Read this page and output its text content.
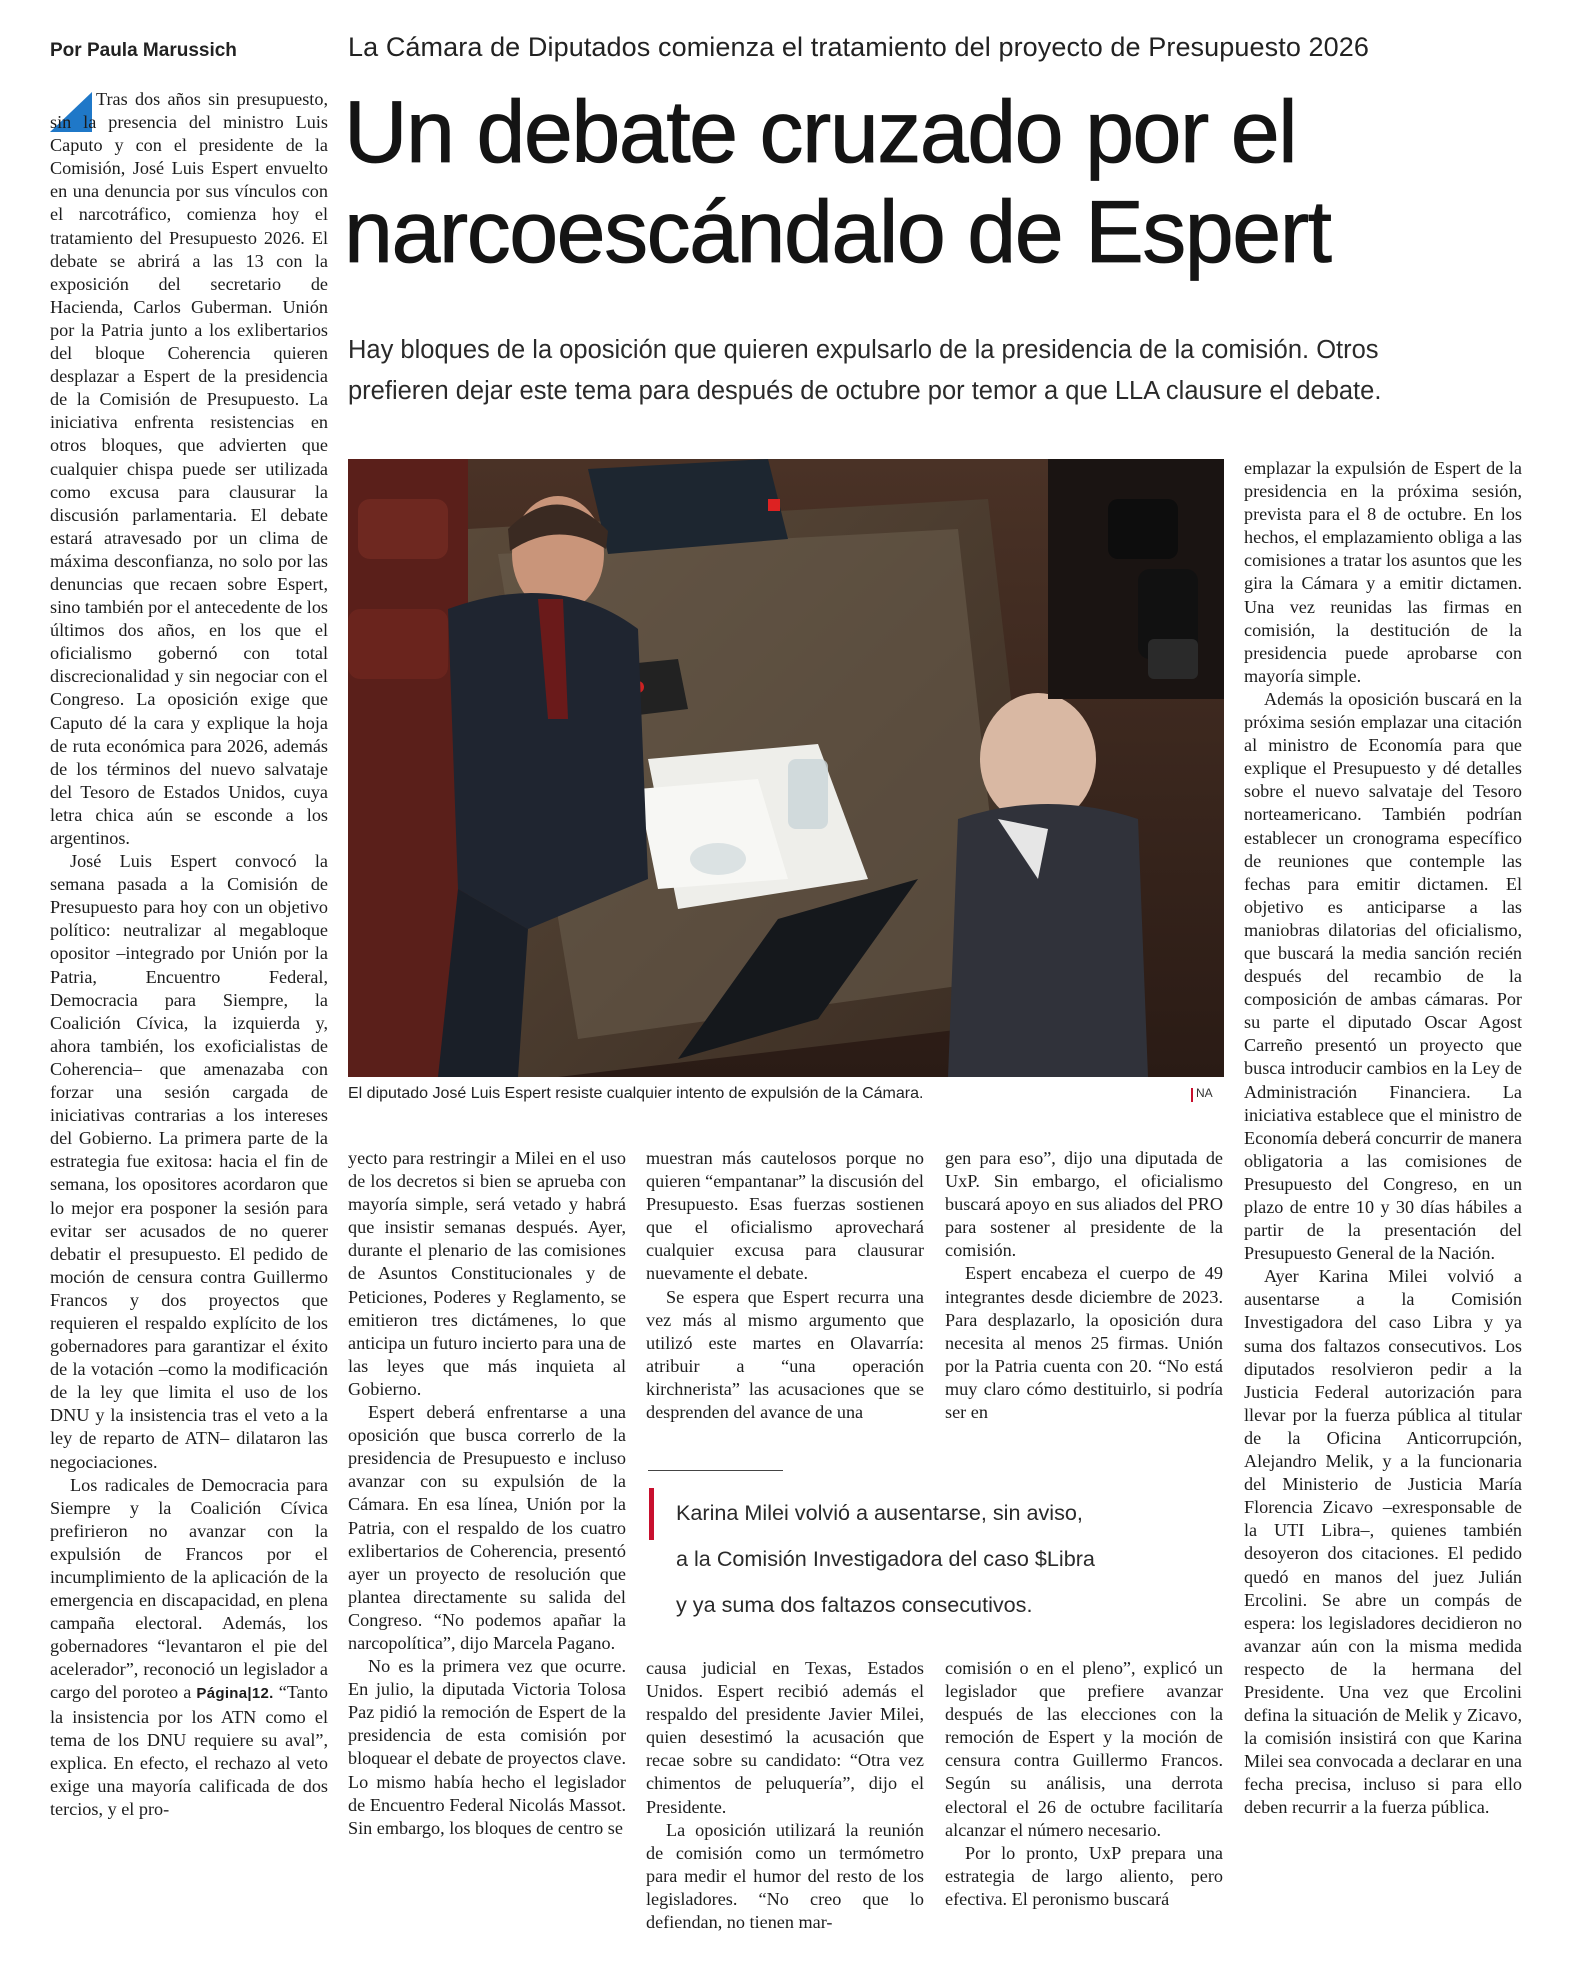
Por Paula Marussich	La Cámara de Diputados comienza el tratamiento del proyecto de Presupuesto 2026
Un debate cruzado por el
narcoescándalo de Espert

Hay bloques de la oposición que quieren expulsarlo de la presidencia de la comisión. Otros prefieren dejar este tema para después de octubre por temor a que LLA clausure el debate.

Tras dos años sin presupuesto, sin la presencia del ministro Luis Caputo y con el presidente de la Comisión, José Luis Espert envuelto en una denuncia por sus vínculos con el narcotráfico, comienza hoy el tratamiento del Presupuesto 2026. El debate se abrirá a las 13 con la exposición del secretario de Hacienda, Carlos Guberman. Unión por la Patria junto a los exlibertarios del bloque Coherencia quieren desplazar a Espert de la presidencia de la Comisión de Presupuesto. La iniciativa enfrenta resistencias en otros bloques, que advierten que cualquier chispa puede ser utilizada como excusa para clausurar la discusión parlamentaria. El debate estará atravesado por un clima de máxima desconfianza, no solo por las denuncias que recaen sobre Espert, sino también por el antecedente de los últimos dos años, en los que el oficialismo gobernó con total discrecionalidad y sin negociar con el Congreso. La oposición exige que Caputo dé la cara y explique la hoja de ruta económica para 2026, además de los términos del nuevo salvataje del Tesoro de Estados Unidos, cuya letra chica aún se esconde a los argentinos.

José Luis Espert convocó la semana pasada a la Comisión de Presupuesto para hoy con un objetivo político: neutralizar al megabloque opositor –integrado por Unión por la Patria, Encuentro Federal, Democracia para Siempre, la Coalición Cívica, la izquierda y, ahora también, los exoficialistas de Coherencia– que amenazaba con forzar una sesión cargada de iniciativas contrarias a los intereses del Gobierno. La primera parte de la estrategia fue exitosa: hacia el fin de semana, los opositores acordaron que lo mejor era posponer la sesión para evitar ser acusados de no querer debatir el presupuesto. El pedido de moción de censura contra Guillermo Francos y dos proyectos que requieren el respaldo explícito de los gobernadores para garantizar el éxito de la votación –como la modificación de la ley que limita el uso de los DNU y la insistencia tras el veto a la ley de reparto de ATN– dilataron las negociaciones.

Los radicales de Democracia para Siempre y la Coalición Cívica prefirieron no avanzar con la expulsión de Francos por el incumplimiento de la aplicación de la emergencia en discapacidad, en plena campaña electoral. Además, los gobernadores “levantaron el pie del acelerador”, reconoció un legislador a cargo del poroteo a Página|12. “Tanto la insistencia por los ATN como el tema de los DNU requiere su aval”, explica. En efecto, el rechazo al veto exige una mayoría calificada de dos tercios, y el pro-

El diputado José Luis Espert resiste cualquier intento de expulsión de la Cámara.	NA

yecto para restringir a Milei en el uso de los decretos si bien se aprueba con mayoría simple, será vetado y habrá que insistir semanas después. Ayer, durante el plenario de las comisiones de Asuntos Constitucionales y de Peticiones, Poderes y Reglamento, se emitieron tres dictámenes, lo que anticipa un futuro incierto para una de las leyes que más inquieta al Gobierno.

Espert deberá enfrentarse a una oposición que busca correrlo de la presidencia de Presupuesto e incluso avanzar con su expulsión de la Cámara. En esa línea, Unión por la Patria, con el respaldo de los cuatro exlibertarios de Coherencia, presentó ayer un proyecto de resolución que plantea directamente su salida del Congreso. “No podemos apañar la narcopolítica”, dijo Marcela Pagano.

No es la primera vez que ocurre. En julio, la diputada Victoria Tolosa Paz pidió la remoción de Espert de la presidencia de esta comisión por bloquear el debate de proyectos clave. Lo mismo había hecho el legislador de Encuentro Federal Nicolás Massot. Sin embargo, los bloques de centro se

muestran más cautelosos porque no quieren “empantanar” la discusión del Presupuesto. Esas fuerzas sostienen que el oficialismo aprovechará cualquier excusa para clausurar nuevamente el debate.

Se espera que Espert recurra una vez más al mismo argumento que utilizó este martes en Olavarría: atribuir a “una operación kirchnerista” las acusaciones que se desprenden del avance de una

causa judicial en Texas, Estados Unidos. Espert recibió además el respaldo del presidente Javier Milei, quien desestimó la acusación que recae sobre su candidato: “Otra vez chimentos de peluquería”, dijo el Presidente.

La oposición utilizará la reunión de comisión como un termómetro para medir el humor del resto de los legisladores. “No creo que lo defiendan, no tienen mar-

gen para eso”, dijo una diputada de UxP. Sin embargo, el oficialismo buscará apoyo en sus aliados del PRO para sostener al presidente de la comisión.

Espert encabeza el cuerpo de 49 integrantes desde diciembre de 2023. Para desplazarlo, la oposición dura necesita al menos 25 firmas. Unión por la Patria cuenta con 20. “No está muy claro cómo destituirlo, si podría ser en

comisión o en el pleno”, explicó un legislador que prefiere avanzar después de las elecciones con la remoción de Espert y la moción de censura contra Guillermo Francos. Según su análisis, una derrota electoral el 26 de octubre facilitaría alcanzar el número necesario.

Por lo pronto, UxP prepara una estrategia de largo aliento, pero efectiva. El peronismo buscará

Karina Milei volvió a ausentarse, sin aviso,
a la Comisión Investigadora del caso $Libra
y ya suma dos faltazos consecutivos.

emplazar la expulsión de Espert de la presidencia en la próxima sesión, prevista para el 8 de octubre. En los hechos, el emplazamiento obliga a las comisiones a tratar los asuntos que les gira la Cámara y a emitir dictamen. Una vez reunidas las firmas en comisión, la destitución de la presidencia puede aprobarse con mayoría simple.

Además la oposición buscará en la próxima sesión emplazar una citación al ministro de Economía para que explique el Presupuesto y dé detalles sobre el nuevo salvataje del Tesoro norteamericano. También podrían establecer un cronograma específico de reuniones que contemple las fechas para emitir dictamen. El objetivo es anticiparse a las maniobras dilatorias del oficialismo, que buscará la media sanción recién después del recambio de la composición de ambas cámaras. Por su parte el diputado Oscar Agost Carreño presentó un proyecto que busca introducir cambios en la Ley de Administración Financiera. La iniciativa establece que el ministro de Economía deberá concurrir de manera obligatoria a las comisiones de Presupuesto del Congreso, en un plazo de entre 10 y 30 días hábiles a partir de la presentación del Presupuesto General de la Nación.

Ayer Karina Milei volvió a ausentarse a la Comisión Investigadora del caso Libra y ya suma dos faltazos consecutivos. Los diputados resolvieron pedir a la Justicia Federal autorización para llevar por la fuerza pública al titular de la Oficina Anticorrupción, Alejandro Melik, y a la funcionaria del Ministerio de Justicia María Florencia Zicavo –exresponsable de la UTI Libra–, quienes también desoyeron dos citaciones. El pedido quedó en manos del juez Julián Ercolini. Se abre un compás de espera: los legisladores decidieron no avanzar aún con la misma medida respecto de la hermana del Presidente. Una vez que Ercolini defina la situación de Melik y Zicavo, la comisión insistirá con que Karina Milei sea convocada a declarar en una fecha precisa, incluso si para ello deben recurrir a la fuerza pública.
